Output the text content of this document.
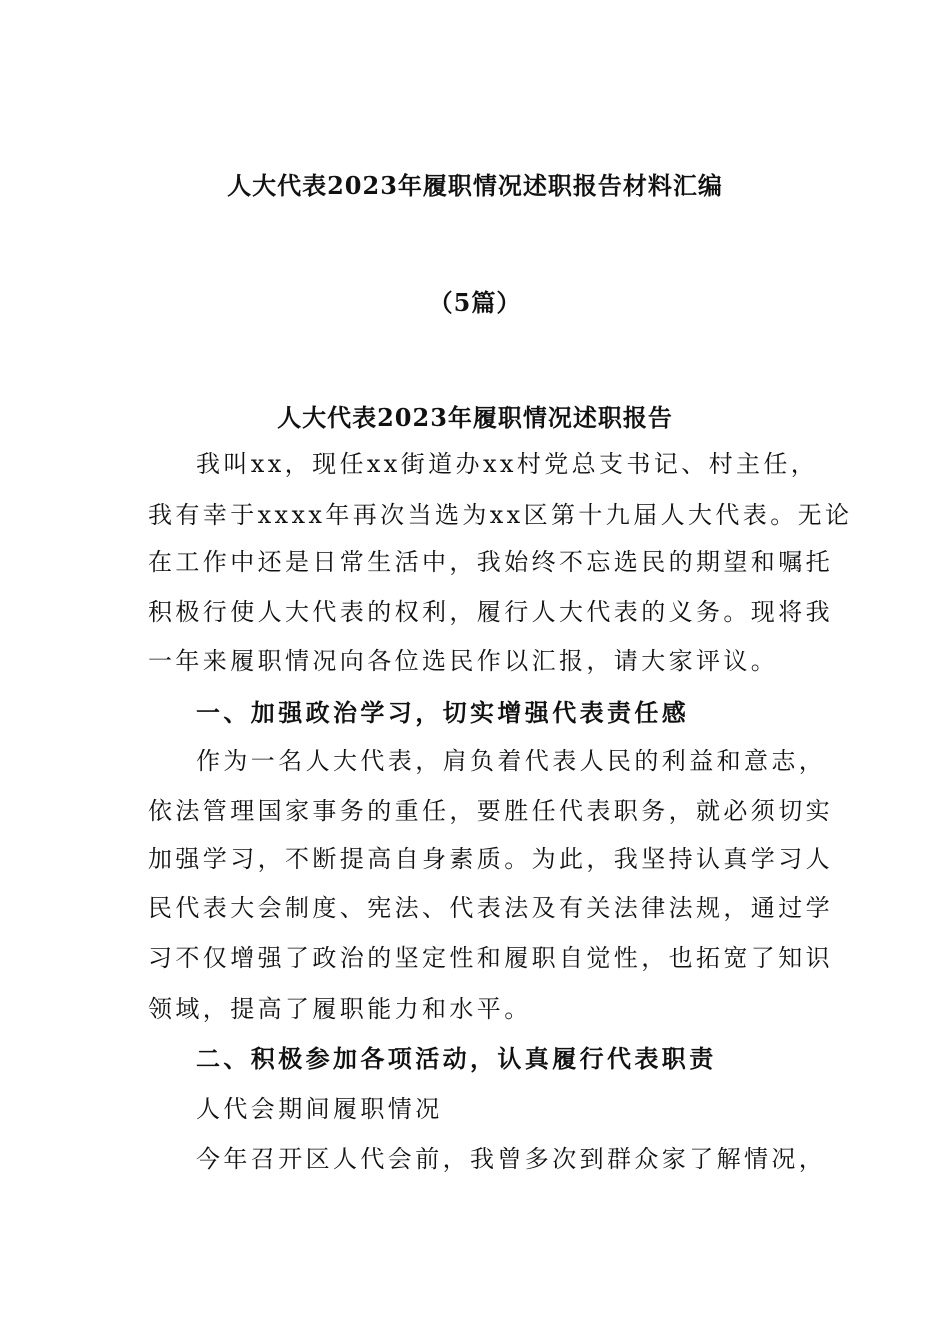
人大代表2023年履职情况述职报告材料汇编
（5篇）
人大代表2023年履职情况述职报告
我叫xx，现任xx街道办xx村党总支书记、村主任，
我有幸于xxxx年再次当选为xx区第十九届人大代表。无论
在工作中还是日常生活中，我始终不忘选民的期望和嘱托
积极行使人大代表的权利，履行人大代表的义务。现将我
一年来履职情况向各位选民作以汇报，请大家评议。
一、加强政治学习，切实增强代表责任感
作为一名人大代表，肩负着代表人民的利益和意志，
依法管理国家事务的重任，要胜任代表职务，就必须切实
加强学习，不断提高自身素质。为此，我坚持认真学习人
民代表大会制度、宪法、代表法及有关法律法规，通过学
习不仅增强了政治的坚定性和履职自觉性，也拓宽了知识
领域，提高了履职能力和水平。
二、积极参加各项活动，认真履行代表职责
人代会期间履职情况
今年召开区人代会前，我曾多次到群众家了解情况，
